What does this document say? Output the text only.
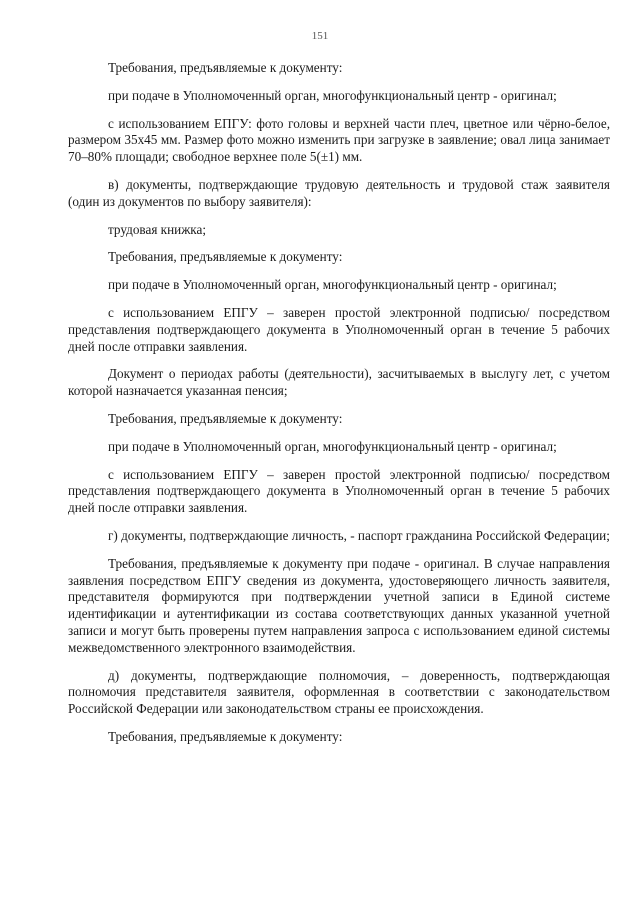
151

Требования, предъявляемые к документу:

при подаче в Уполномоченный орган, многофункциональный центр - оригинал;

с использованием ЕПГУ: фото головы и верхней части плеч, цветное или чёрно-белое, размером 35x45 мм. Размер фото можно изменить при загрузке в заявление; овал лица занимает 70–80% площади; свободное верхнее поле 5(±1) мм.

в) документы, подтверждающие трудовую деятельность и трудовой стаж заявителя (один из документов по выбору заявителя):

трудовая книжка;

Требования, предъявляемые к документу:

при подаче в Уполномоченный орган, многофункциональный центр - оригинал;

с использованием ЕПГУ – заверен простой электронной подписью/ посредством представления подтверждающего документа в Уполномоченный орган в течение 5 рабочих дней после отправки заявления.

Документ о периодах работы (деятельности), засчитываемых в выслугу лет, с учетом которой назначается указанная пенсия;

Требования, предъявляемые к документу:

при подаче в Уполномоченный орган, многофункциональный центр - оригинал;

с использованием ЕПГУ – заверен простой электронной подписью/ посредством представления подтверждающего документа в Уполномоченный орган в течение 5 рабочих дней после отправки заявления.

г) документы, подтверждающие личность, - паспорт гражданина Российской Федерации;

Требования, предъявляемые к документу при подаче - оригинал. В случае направления заявления посредством ЕПГУ сведения из документа, удостоверяющего личность заявителя, представителя формируются при подтверждении учетной записи в Единой системе идентификации и аутентификации из состава соответствующих данных указанной учетной записи и могут быть проверены путем направления запроса с использованием единой системы межведомственного электронного взаимодействия.

д) документы, подтверждающие полномочия, – доверенность, подтверждающая полномочия представителя заявителя, оформленная в соответствии с законодательством Российской Федерации или законодательством страны ее происхождения.

Требования, предъявляемые к документу:
